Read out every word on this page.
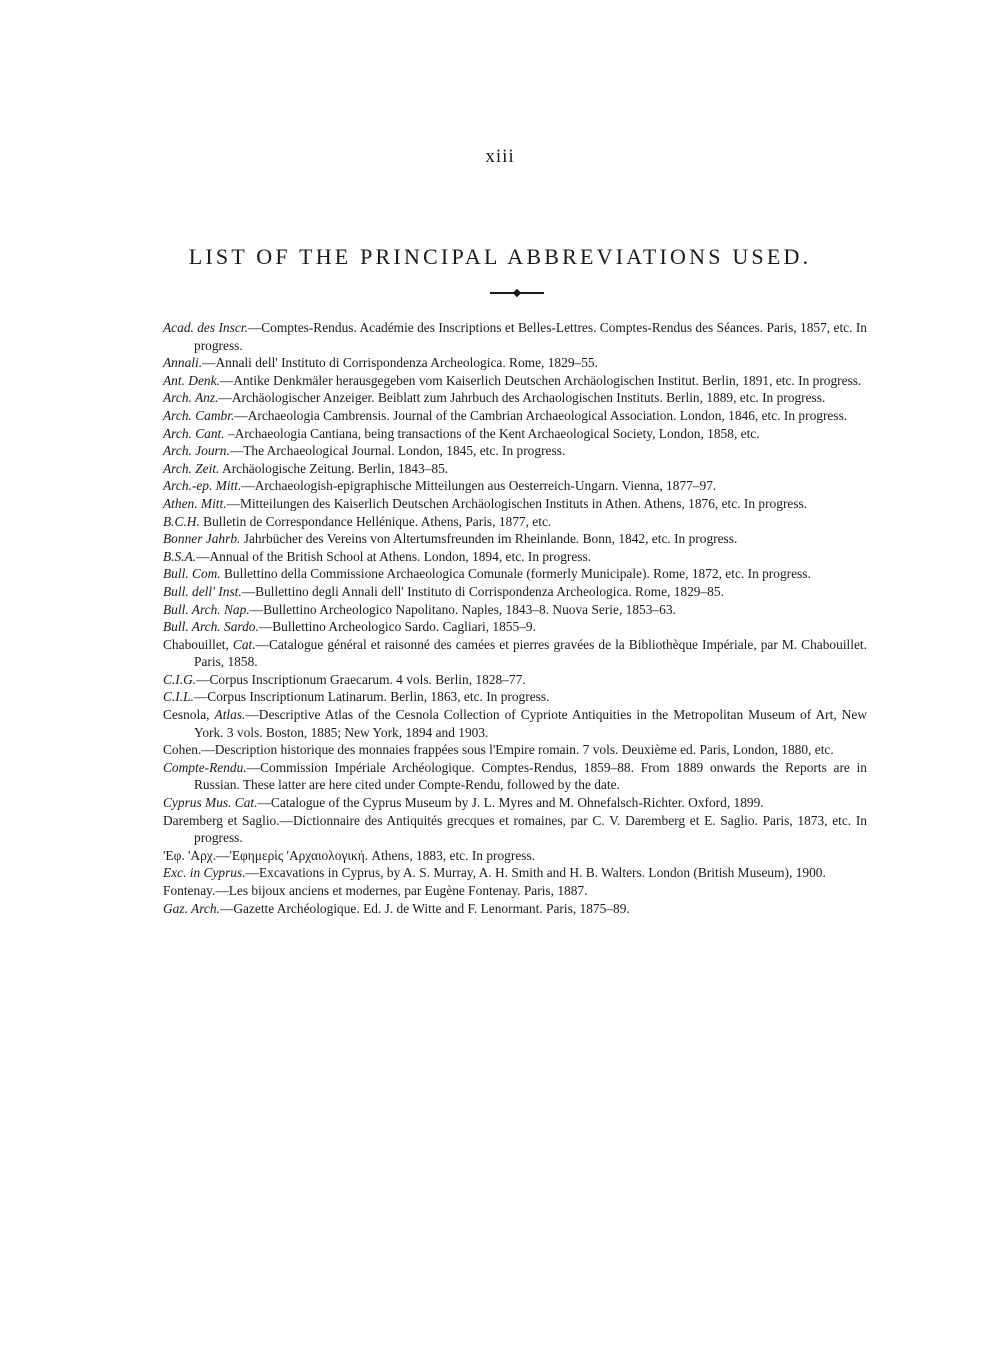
xiii
LIST OF THE PRINCIPAL ABBREVIATIONS USED.
Acad. des Inscr.—Comptes-Rendus. Académie des Inscriptions et Belles-Lettres. Comptes-Rendus des Séances. Paris, 1857, etc. In progress.
Annali.—Annali dell' Instituto di Corrispondenza Archeologica. Rome, 1829–55.
Ant. Denk.—Antike Denkmäler herausgegeben vom Kaiserlich Deutschen Archäologischen Institut. Berlin, 1891, etc. In progress.
Arch. Anz.—Archäologischer Anzeiger. Beiblatt zum Jahrbuch des Archaologischen Instituts. Berlin, 1889, etc. In progress.
Arch. Cambr.—Archaeologia Cambrensis. Journal of the Cambrian Archaeological Association. London, 1846, etc. In progress.
Arch. Cant. –Archaeologia Cantiana, being transactions of the Kent Archaeological Society, London, 1858, etc.
Arch. Journ.—The Archaeological Journal. London, 1845, etc. In progress.
Arch. Zeit. Archäologische Zeitung. Berlin, 1843–85.
Arch.-ep. Mitt.—Archaeologish-epigraphische Mitteilungen aus Oesterreich-Ungarn. Vienna, 1877–97.
Athen. Mitt.—Mitteilungen des Kaiserlich Deutschen Archäologischen Instituts in Athen. Athens, 1876, etc. In progress.
B.C.H. Bulletin de Correspondance Hellénique. Athens, Paris, 1877, etc.
Bonner Jahrb. Jahrbücher des Vereins von Altertumsfreunden im Rheinlande. Bonn, 1842, etc. In progress.
B.S.A.—Annual of the British School at Athens. London, 1894, etc. In progress.
Bull. Com. Bullettino della Commissione Archaeologica Comunale (formerly Municipale). Rome, 1872, etc. In progress.
Bull. dell' Inst.—Bullettino degli Annali dell' Instituto di Corrispondenza Archeologica. Rome, 1829–85.
Bull. Arch. Nap.—Bullettino Archeologico Napolitano. Naples, 1843–8. Nuova Serie, 1853–63.
Bull. Arch. Sardo.—Bullettino Archeologico Sardo. Cagliari, 1855–9.
Chabouillet, Cat.—Catalogue général et raisonné des camées et pierres gravées de la Bibliothèque Impériale, par M. Chabouillet. Paris, 1858.
C.I.G.—Corpus Inscriptionum Graecarum. 4 vols. Berlin, 1828–77.
C.I.L.—Corpus Inscriptionum Latinarum. Berlin, 1863, etc. In progress.
Cesnola, Atlas.—Descriptive Atlas of the Cesnola Collection of Cypriote Antiquities in the Metropolitan Museum of Art, New York. 3 vols. Boston, 1885; New York, 1894 and 1903.
Cohen.—Description historique des monnaies frappées sous l'Empire romain. 7 vols. Deuxième ed. Paris, London, 1880, etc.
Compte-Rendu.—Commission Impériale Archéologique. Comptes-Rendus, 1859–88. From 1889 onwards the Reports are in Russian. These latter are here cited under Compte-Rendu, followed by the date.
Cyprus Mus. Cat.—Catalogue of the Cyprus Museum by J. L. Myres and M. Ohnefalsch-Richter. Oxford, 1899.
Daremberg et Saglio.—Dictionnaire des Antiquités grecques et romaines, par C. V. Daremberg et E. Saglio. Paris, 1873, etc. In progress.
'Εφ. 'Αρχ.—'Εφημερὶς 'Αρχαιολογική. Athens, 1883, etc. In progress.
Exc. in Cyprus.—Excavations in Cyprus, by A. S. Murray, A. H. Smith and H. B. Walters. London (British Museum), 1900.
Fontenay.—Les bijoux anciens et modernes, par Eugène Fontenay. Paris, 1887.
Gaz. Arch.—Gazette Archéologique. Ed. J. de Witte and F. Lenormant. Paris, 1875–89.
